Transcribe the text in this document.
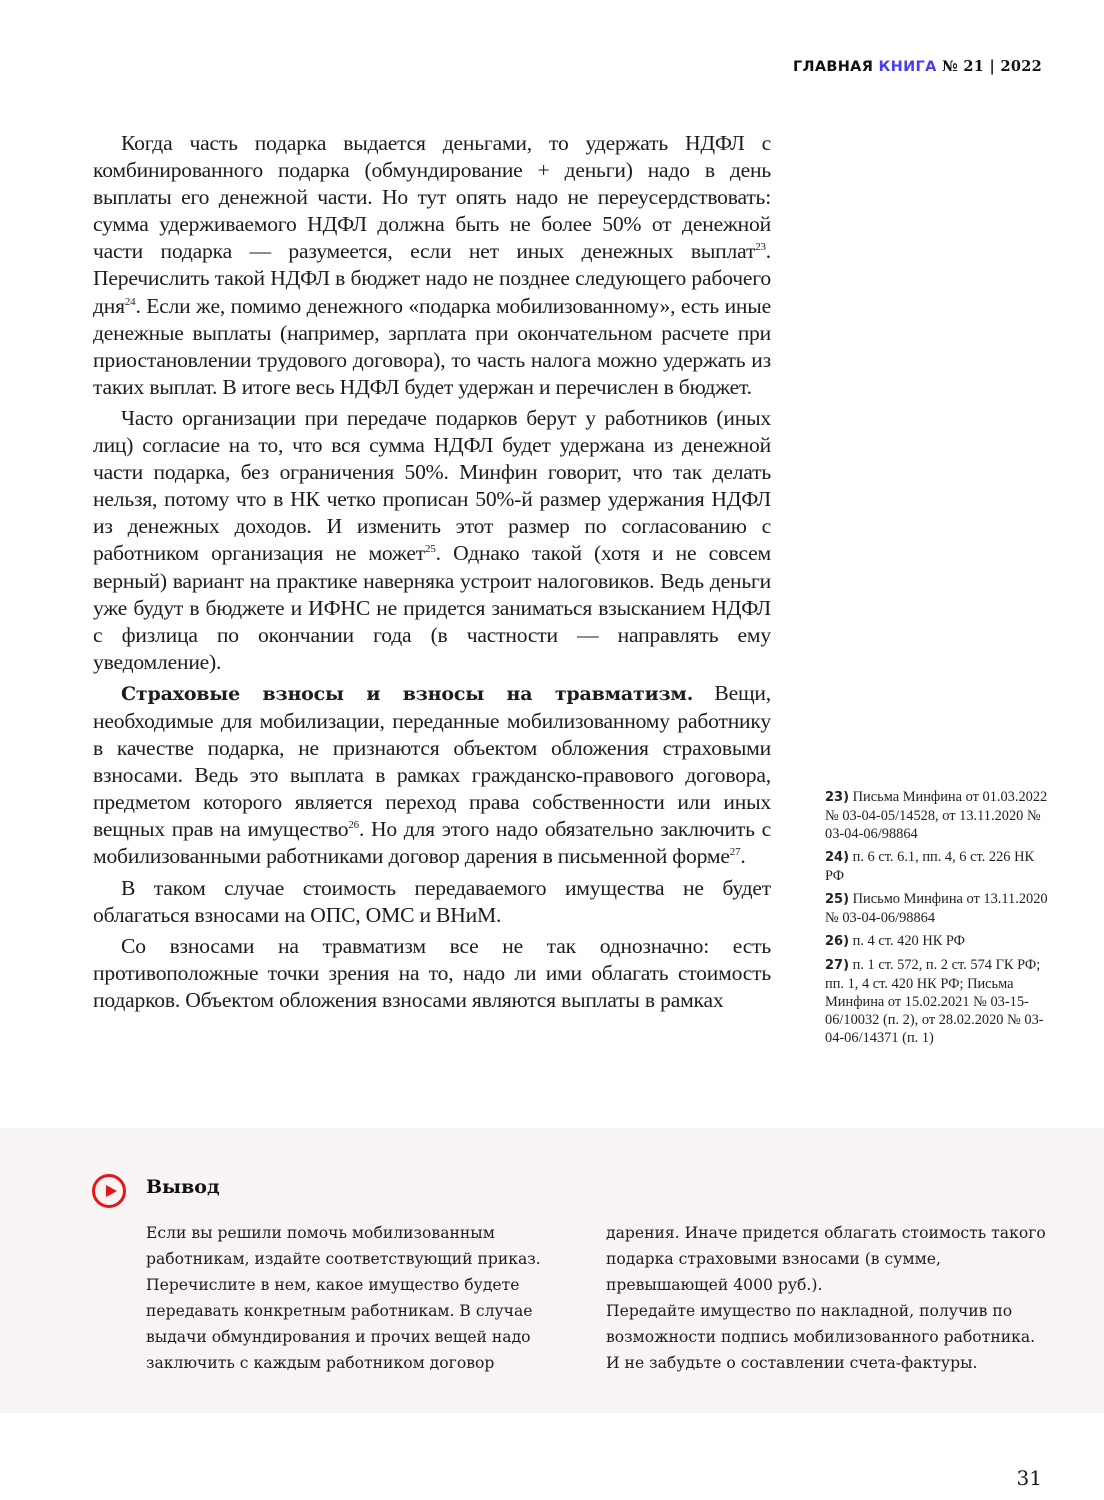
ГЛАВНАЯ КНИГА № 21 | 2022

Когда часть подарка выдается деньгами, то удержать НДФЛ с комбинированного подарка (обмундирование + деньги) надо в день выплаты его денежной части. Но тут опять надо не переусердствовать: сумма удерживаемого НДФЛ должна быть не более 50% от денежной части подарка — разумеется, если нет иных денежных выплат$^{23}$. Перечислить такой НДФЛ в бюджет надо не позднее следующего рабочего дня$^{24}$. Если же, помимо денежного «подарка мобилизованному», есть иные денежные выплаты (например, зарплата при окончательном расчете при приостановлении трудового договора), то часть налога можно удержать из таких выплат. В итоге весь НДФЛ будет удержан и перечислен в бюджет.

Часто организации при передаче подарков берут у работников (иных лиц) согласие на то, что вся сумма НДФЛ будет удержана из денежной части подарка, без ограничения 50%. Минфин говорит, что так делать нельзя, потому что в НК четко прописан 50%-й размер удержания НДФЛ из денежных доходов. И изменить этот размер по согласованию с работником организация не может$^{25}$. Однако такой (хотя и не совсем верный) вариант на практике наверняка устроит налоговиков. Ведь деньги уже будут в бюджете и ИФНС не придется заниматься взысканием НДФЛ с физлица по окончании года (в частности — направлять ему уведомление).

Страховые взносы и взносы на травматизм. Вещи, необходимые для мобилизации, переданные мобилизованному работнику в качестве подарка, не признаются объектом обложения страховыми взносами. Ведь это выплата в рамках гражданско-правового договора, предметом которого является переход права собственности или иных вещных прав на имущество$^{26}$. Но для этого надо обязательно заключить с мобилизованными работниками договор дарения в письменной форме$^{27}$.

В таком случае стоимость передаваемого имущества не будет облагаться взносами на ОПС, ОМС и ВНиМ.

Со взносами на травматизм все не так однозначно: есть противоположные точки зрения на то, надо ли ими облагать стоимость подарков. Объектом обложения взносами являются выплаты в рамках

23) Письма Минфина от 01.03.2022 № 03-04-05/14528, от 13.11.2020 № 03-04-06/98864
24) п. 6 ст. 6.1, пп. 4, 6 ст. 226 НК РФ
25) Письмо Минфина от 13.11.2020 № 03-04-06/98864
26) п. 4 ст. 420 НК РФ
27) п. 1 ст. 572, п. 2 ст. 574 ГК РФ; пп. 1, 4 ст. 420 НК РФ; Письма Минфина от 15.02.2021 № 03-15-06/10032 (п. 2), от 28.02.2020 № 03-04-06/14371 (п. 1)
Вывод

Если вы решили помочь мобилизованным работникам, издайте соответствующий приказ. Перечислите в нем, какое имущество будете передавать конкретным работникам. В случае выдачи обмундирования и прочих вещей надо заключить с каждым работником договор

дарения. Иначе придется облагать стоимость такого подарка страховыми взносами (в сумме, превышающей 4000 руб.).

Передайте имущество по накладной, получив по возможности подпись мобилизованного работника. И не забудьте о составлении счета-фактуры.

31
